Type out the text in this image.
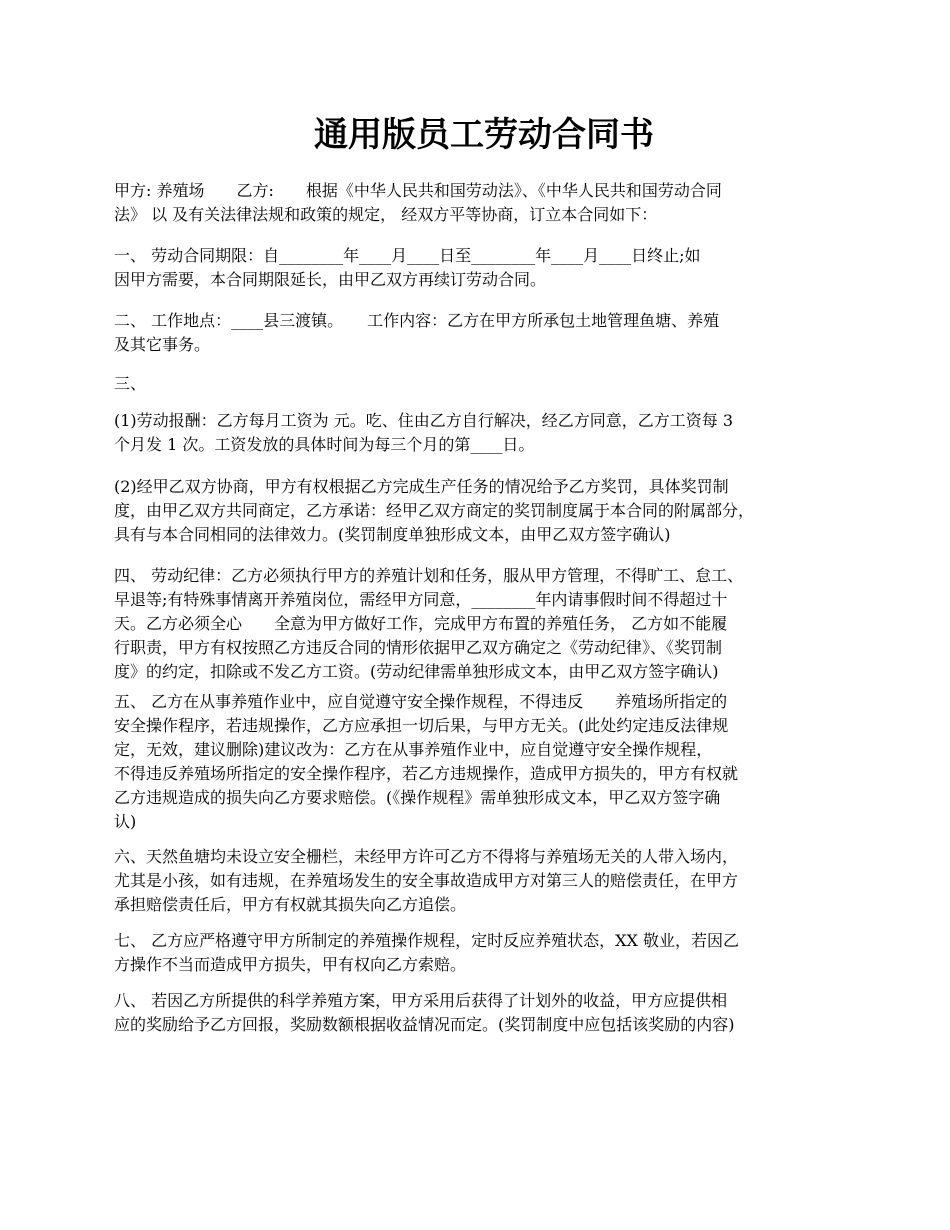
通用版员工劳动合同书
甲方: 养殖场　　乙方:　　根据《中华人民共和国劳动法》、《中华人民共和国劳动合同
法》 以 及有关法律法规和政策的规定， 经双方平等协商，订立本合同如下：
一、 劳动合同期限：自________年____月____日至________年____月____日终止;如
因甲方需要，本合同期限延长，由甲乙双方再续订劳动合同。
二、 工作地点：____县三渡镇。　　工作内容：乙方在甲方所承包土地管理鱼塘、养殖
及其它事务。
三、
(1)劳动报酬：乙方每月工资为 元。吃、住由乙方自行解决，经乙方同意，乙方工资每 3
个月发 1 次。工资发放的具体时间为每三个月的第____日。
(2)经甲乙双方协商，甲方有权根据乙方完成生产任务的情况给予乙方奖罚，具体奖罚制
度，由甲乙双方共同商定，乙方承诺：经甲乙双方商定的奖罚制度属于本合同的附属部分，
具有与本合同相同的法律效力。(奖罚制度单独形成文本，由甲乙双方签字确认)
四、 劳动纪律：乙方必须执行甲方的养殖计划和任务，服从甲方管理，不得旷工、怠工、
早退等;有特殊事情离开养殖岗位，需经甲方同意，________年内请事假时间不得超过十
天。乙方必须全心　　全意为甲方做好工作，完成甲方布置的养殖任务， 乙方如不能履
行职责，甲方有权按照乙方违反合同的情形依据甲乙双方确定之《劳动纪律》、《奖罚制
度》的约定，扣除或不发乙方工资。(劳动纪律需单独形成文本，由甲乙双方签字确认)
五、 乙方在从事养殖作业中，应自觉遵守安全操作规程，不得违反　　养殖场所指定的
安全操作程序，若违规操作，乙方应承担一切后果，与甲方无关。(此处约定违反法律规
定，无效，建议删除)建议改为：乙方在从事养殖作业中，应自觉遵守安全操作规程，
不得违反养殖场所指定的安全操作程序，若乙方违规操作，造成甲方损失的，甲方有权就
乙方违规造成的损失向乙方要求赔偿。(《操作规程》需单独形成文本，甲乙双方签字确
认)
六、天然鱼塘均未设立安全栅栏，未经甲方许可乙方不得将与养殖场无关的人带入场内，
尤其是小孩，如有违规，在养殖场发生的安全事故造成甲方对第三人的赔偿责任，在甲方
承担赔偿责任后，甲方有权就其损失向乙方追偿。
七、 乙方应严格遵守甲方所制定的养殖操作规程，定时反应养殖状态，XX 敬业，若因乙
方操作不当而造成甲方损失，甲有权向乙方索赔。
八、 若因乙方所提供的科学养殖方案，甲方采用后获得了计划外的收益，甲方应提供相
应的奖励给予乙方回报，奖励数额根据收益情况而定。(奖罚制度中应包括该奖励的内容)
